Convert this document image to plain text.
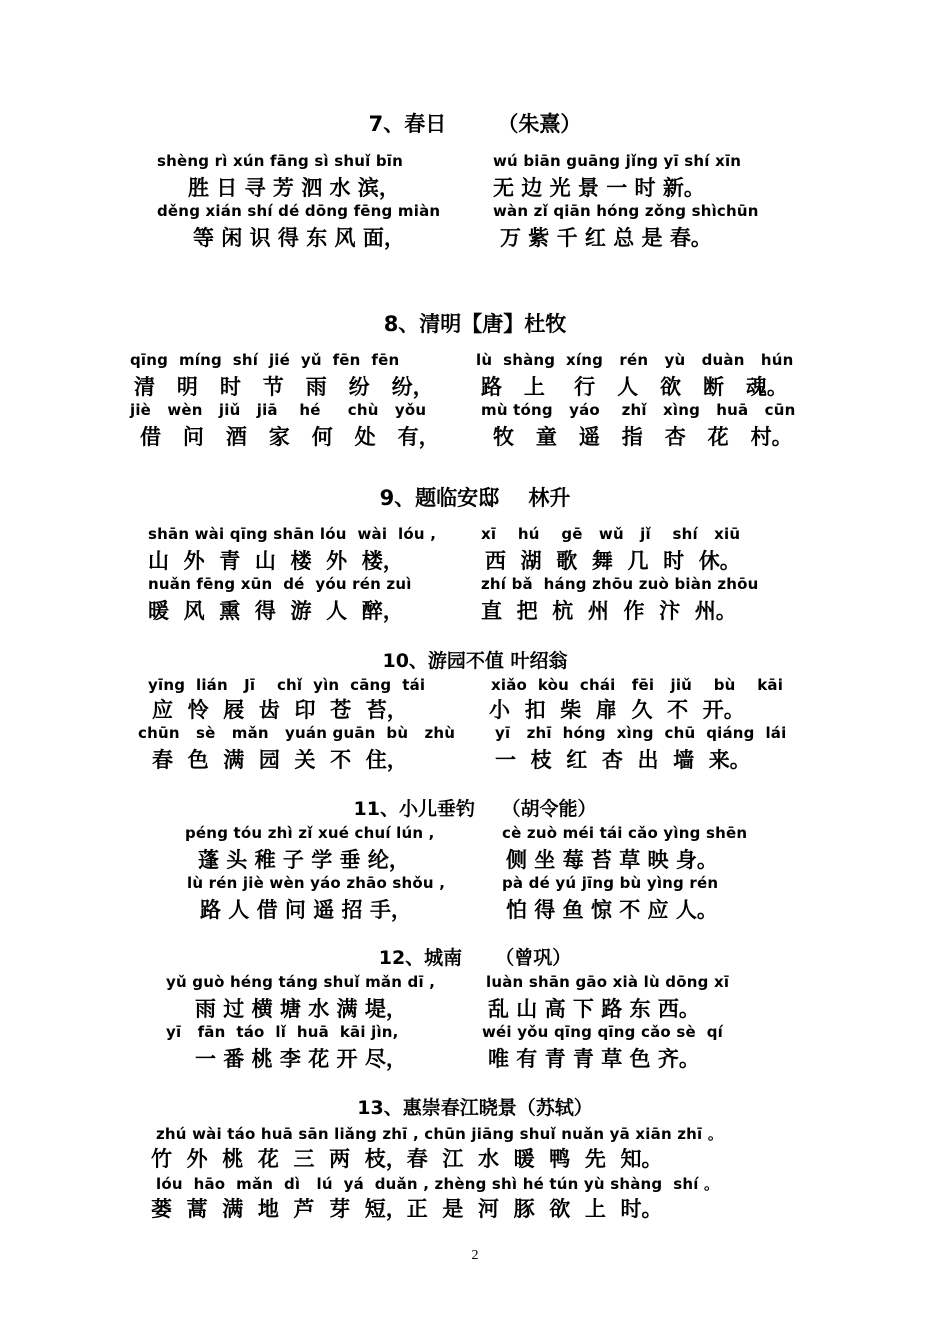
7、春日       （朱熹）
shèng rì xún fāng sì shuǐ bīn	wú biān guāng jǐng yī shí xīn
胜 日 寻 芳 泗 水 滨，	无 边 光 景 一 时 新。
děng xián shí dé dōng fēng miàn	wàn zǐ qiān hóng zǒng shìchūn
等 闲 识 得 东 风 面，	万 紫 千 红 总 是 春。
8、清明【唐】杜牧
qīng  míng  shí  jié  yǔ  fēn  fēn	lù  shàng  xíng   rén   yù   duàn   hún
清   明   时   节   雨   纷   纷， 路   上    行   人   欲   断   魂。
jiè   wèn   jiǔ   jiā    hé     chù   yǒu	mù tóng   yáo    zhǐ   xìng   huā   cūn
借   问   酒   家   何   处   有，	牧   童   遥   指   杏   花   村。
9、题临安邸    林升
shān wài qīng shān lóu  wài  lóu ,	xī    hú    gē   wǔ   jǐ    shí   xiū
山  外  青  山  楼  外  楼，	西  湖  歌  舞  几  时  休。
nuǎn fēng xūn  dé  yóu rén zuì	zhí bǎ  háng zhōu zuò biàn zhōu
暖  风  熏  得  游  人  醉，	直  把  杭  州  作  汴  州。
10、游园不值 叶绍翁
yīng  lián   Jī    chǐ  yìn  cāng  tái	xiǎo  kòu  chái   fēi   jiǔ    bù    kāi
应  怜  屐  齿  印  苍  苔，	小  扣  柴  扉  久  不  开。
chūn   sè   mǎn   yuán guān  bù   zhù	yī   zhī  hóng  xìng  chū  qiáng  lái
春  色  满  园  关  不  住，	一  枝  红  杏  出  墙  来。
11、小儿垂钓    （胡令能）
péng tóu zhì zǐ xué chuí lún ,	cè zuò méi tái cǎo yìng shēn
蓬 头 稚 子 学 垂 纶，	侧 坐 莓 苔 草 映 身。
lù rén jiè wèn yáo zhāo shǒu ,	pà dé yú jīng bù yìng rén
路 人 借 问 遥 招 手，	怕 得 鱼 惊 不 应 人。
12、城南     （曾巩）
yǔ guò héng táng shuǐ mǎn dī ,	luàn shān gāo xià lù dōng xī
雨 过 横 塘 水 满 堤，	乱 山 高 下 路 东 西。
yī   fān  táo  lǐ  huā  kāi jìn,	wéi yǒu qīng qīng cǎo sè  qí
一 番 桃 李 花 开 尽，	唯 有 青 青 草 色 齐。
13、惠崇春江晓景（苏轼）
zhú wài táo huā sān liǎng zhī , chūn jiāng shuǐ nuǎn yā xiān zhī 。
竹  外  桃  花  三  两  枝，春  江  水  暖  鸭  先  知。
lóu  hāo  mǎn  dì   lú  yá  duǎn , zhèng shì hé tún yù shàng  shí 。
蒌  蒿  满  地  芦  芽  短，正  是  河  豚  欲  上  时。
2
